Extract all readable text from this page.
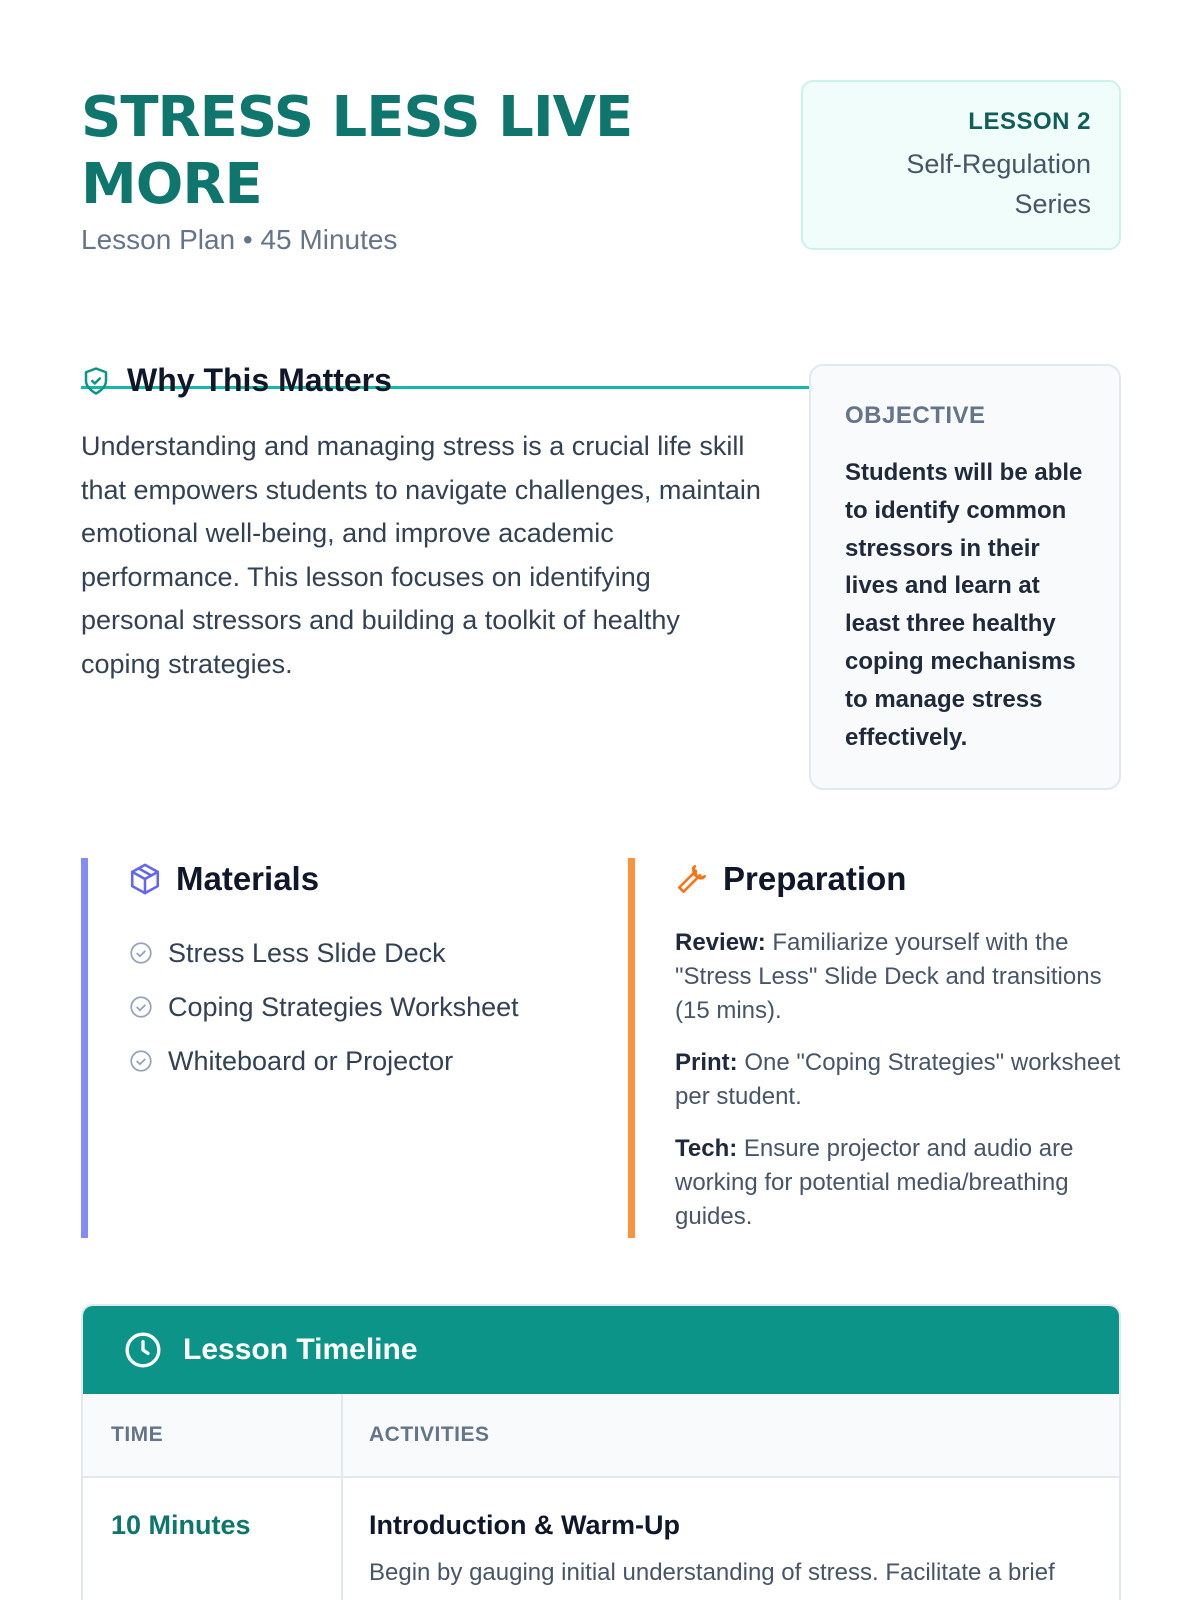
STRESS LESS LIVE MORE
Lesson Plan • 45 Minutes
LESSON 2
Self-Regulation Series
Why This Matters

Understanding and managing stress is a crucial life skill that empowers students to navigate challenges, maintain emotional well-being, and improve academic performance. This lesson focuses on identifying personal stressors and building a toolkit of healthy coping strategies.

OBJECTIVE

Students will be able to identify common stressors in their lives and learn at least three healthy coping mechanisms to manage stress effectively.

Materials
Stress Less Slide Deck
Coping Strategies Worksheet
Whiteboard or Projector
Preparation

Review: Familiarize yourself with the "Stress Less" Slide Deck and transitions (15 mins).

Print: One "Coping Strategies" worksheet per student.

Tech: Ensure projector and audio are working for potential media/breathing guides.

Lesson Timeline
TIME	ACTIVITIES
10 Minutes	Introduction & Warm-Up
Begin by gauging initial understanding of stress. Facilitate a brief
